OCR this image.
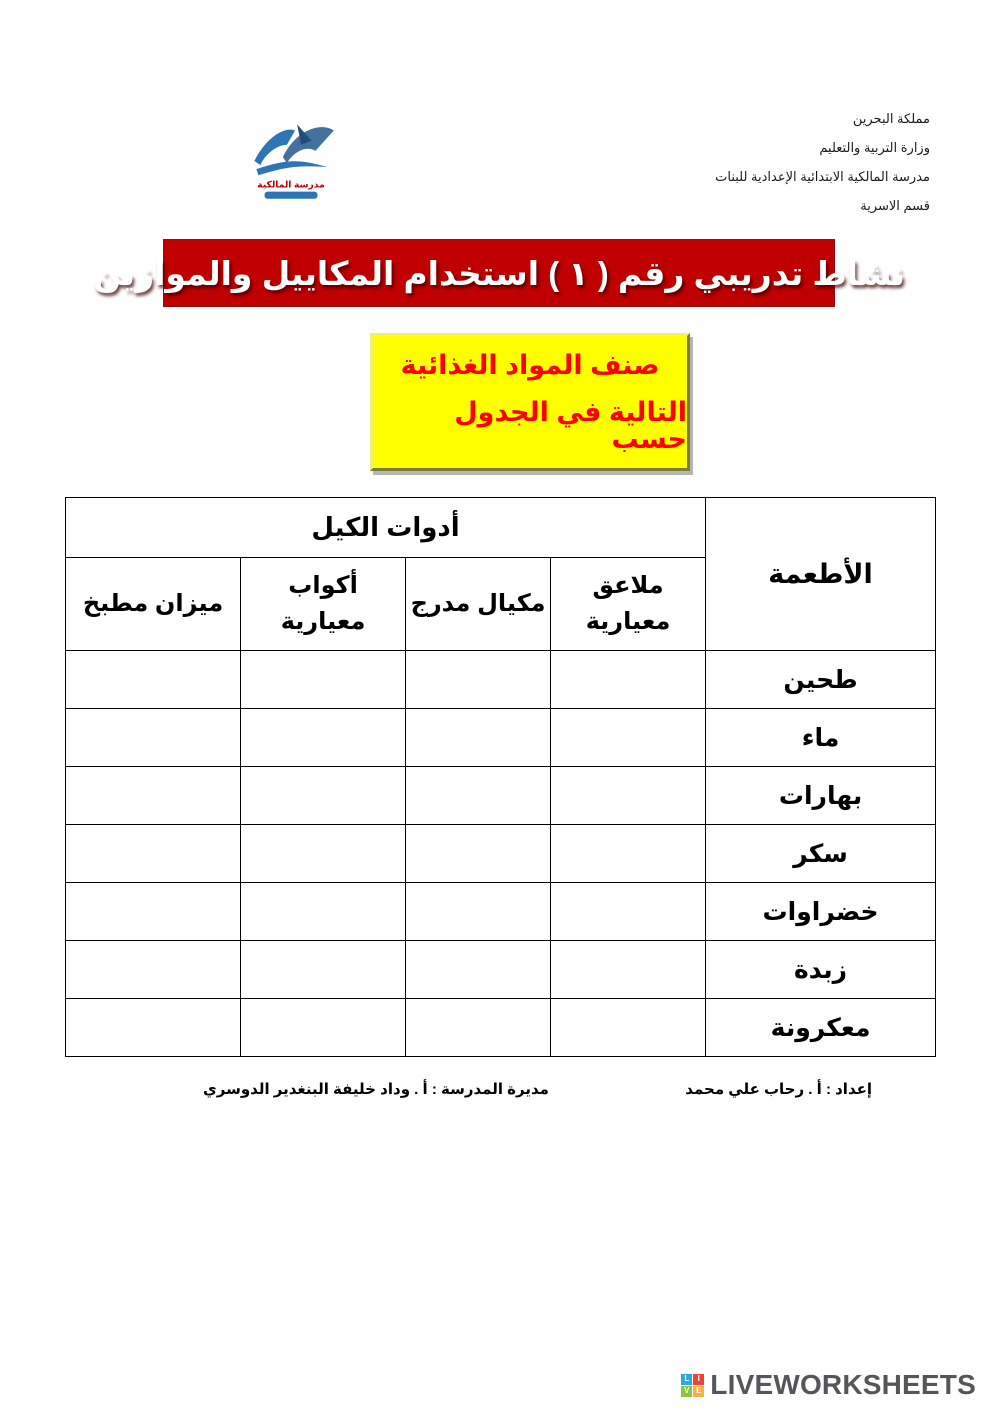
مملكة البحرين
وزارة التربية والتعليم
مدرسة المالكية الابتدائية الإعدادية للبنات
قسم الاسرية
مدرسة المالكية
نشاط تدريبي رقم ( ١ ) استخدام المكاييل والموازين
صنف المواد الغذائية
التالية في الجدول حسب
الأطعمة	أدوات الكيل			
	ملاعق معيارية	مكيال مدرج	أكواب معيارية	ميزان مطبخ
طحين				
ماء				
بهارات				
سكر				
خضراوات				
زبدة				
معكرونة				
إعداد : أ . رحاب علي محمد
مديرة المدرسة : أ . وداد خليفة البنغدير الدوسري
L	I
V E LIVEWORKSHEETS
